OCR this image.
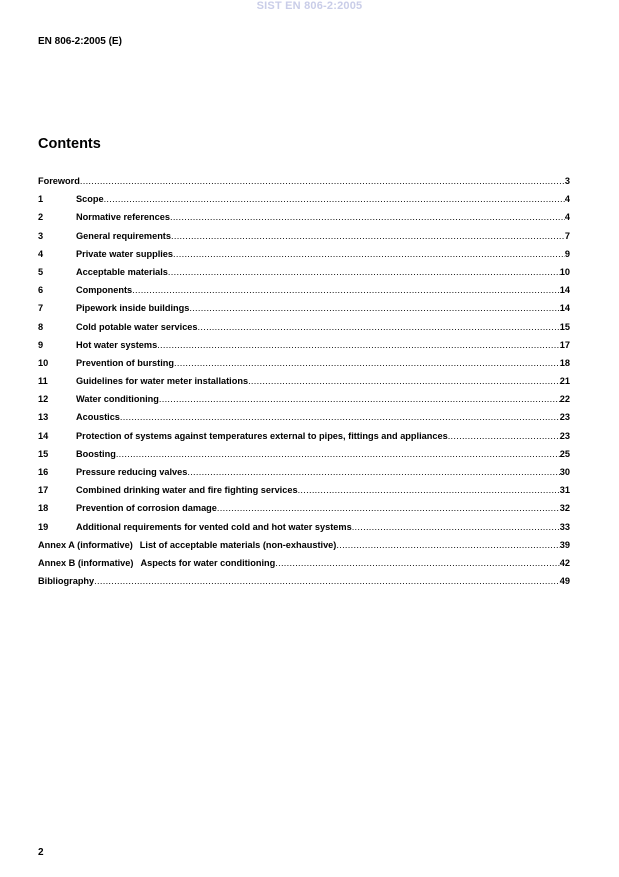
SIST EN 806-2:2005
EN 806-2:2005 (E)
Contents
Foreword .....	3
1	Scope .....	4
2	Normative references .....	4
3	General requirements .....	7
4	Private water supplies .....	9
5	Acceptable materials .....	10
6	Components .....	14
7	Pipework inside buildings .....	14
8	Cold potable water services .....	15
9	Hot water systems .....	17
10	Prevention of bursting .....	18
11	Guidelines for water meter installations .....	21
12	Water conditioning .....	22
13	Acoustics .....	23
14	Protection of systems against temperatures external to pipes, fittings and appliances .....	23
15	Boosting .....	25
16	Pressure reducing valves .....	30
17	Combined drinking water and fire fighting services .....	31
18	Prevention of corrosion damage .....	32
19	Additional requirements for vented cold and hot water systems .....	33
Annex A (informative) List of acceptable materials (non-exhaustive) .....	39
Annex B (informative) Aspects for water conditioning .....	42
Bibliography .....	49
2
